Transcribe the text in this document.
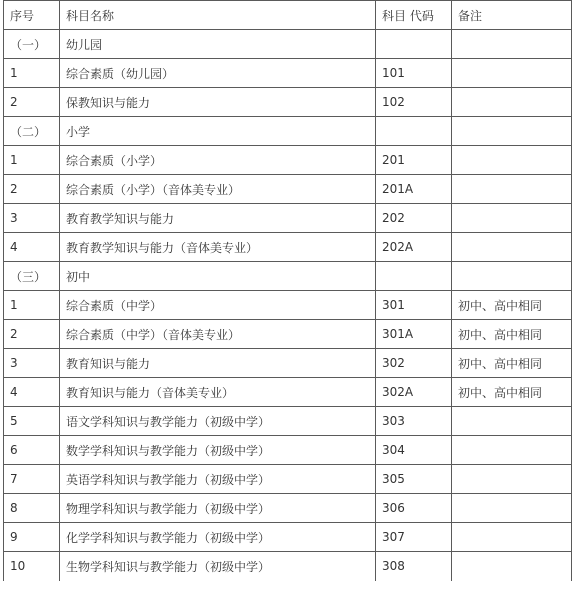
序号	科目名称	科目 代码	备注
（一）	幼儿园		
1	综合素质（幼儿园）	101	
2	保教知识与能力	102	
（二）	小学		
1	综合素质（小学）	201	
2	综合素质（小学）（音体美专业）	201A	
3	教育教学知识与能力	202	
4	教育教学知识与能力（音体美专业）	202A	
（三）	初中		
1	综合素质（中学）	301	初中、高中相同
2	综合素质（中学）（音体美专业）	301A	初中、高中相同
3	教育知识与能力	302	初中、高中相同
4	教育知识与能力（音体美专业）	302A	初中、高中相同
5	语文学科知识与教学能力（初级中学）	303	
6	数学学科知识与教学能力（初级中学）	304	
7	英语学科知识与教学能力（初级中学）	305	
8	物理学科知识与教学能力（初级中学）	306	
9	化学学科知识与教学能力（初级中学）	307	
10	生物学科知识与教学能力（初级中学）	308	
